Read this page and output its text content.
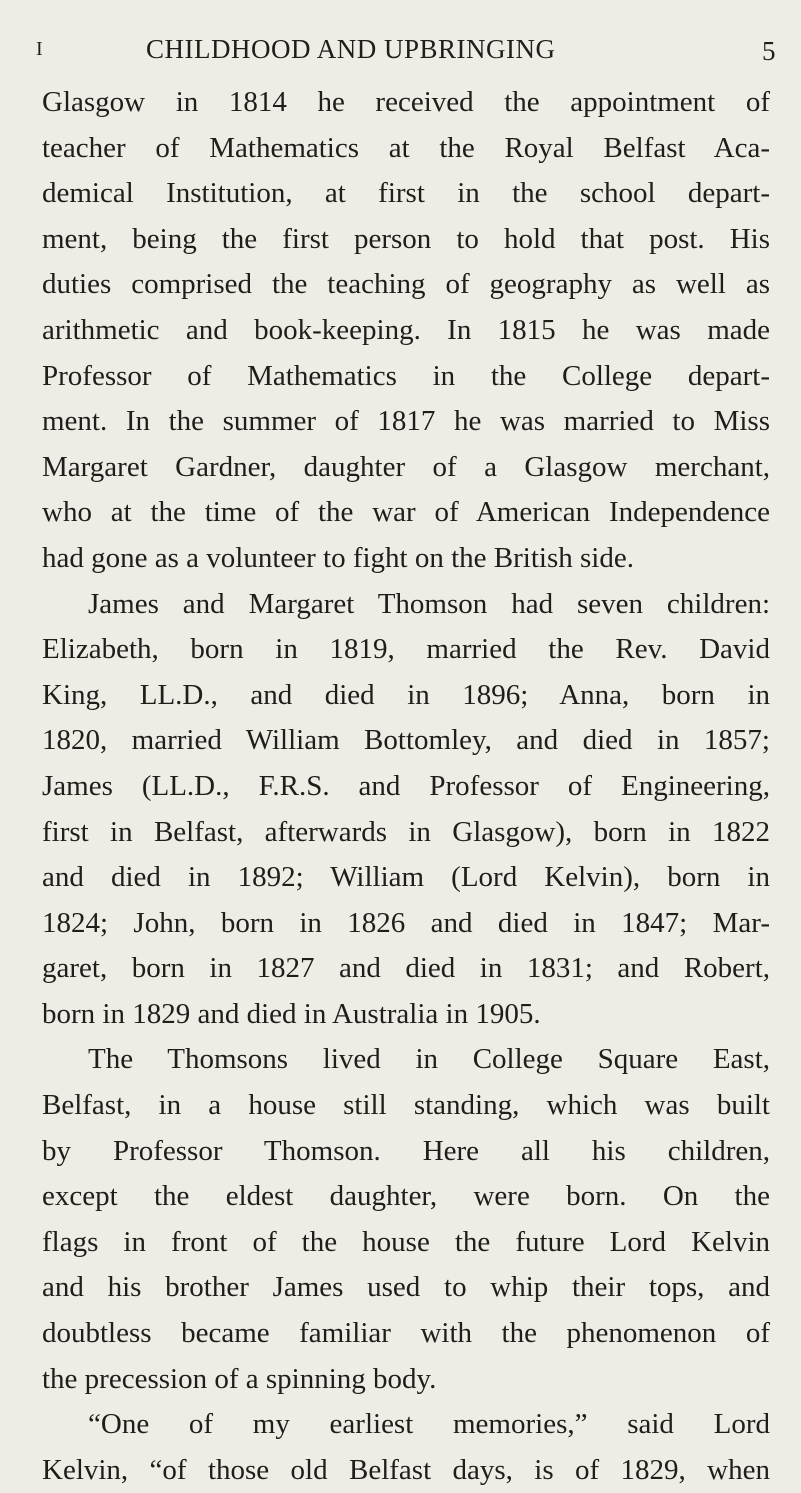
I	CHILDHOOD AND UPBRINGING	5
Glasgow in 1814 he received the appointment of
teacher of Mathematics at the Royal Belfast Aca-
demical Institution, at first in the school depart-
ment, being the first person to hold that post. His
duties comprised the teaching of geography as well as
arithmetic and book-keeping. In 1815 he was made
Professor of Mathematics in the College depart-
ment. In the summer of 1817 he was married to Miss
Margaret Gardner, daughter of a Glasgow merchant,
who at the time of the war of American Independence
had gone as a volunteer to fight on the British side.
James and Margaret Thomson had seven children:
Elizabeth, born in 1819, married the Rev. David
King, LL.D., and died in 1896; Anna, born in
1820, married William Bottomley, and died in 1857;
James (LL.D., F.R.S. and Professor of Engineering,
first in Belfast, afterwards in Glasgow), born in 1822
and died in 1892; William (Lord Kelvin), born in
1824; John, born in 1826 and died in 1847; Mar-
garet, born in 1827 and died in 1831; and Robert,
born in 1829 and died in Australia in 1905.
The Thomsons lived in College Square East,
Belfast, in a house still standing, which was built
by Professor Thomson. Here all his children,
except the eldest daughter, were born. On the
flags in front of the house the future Lord Kelvin
and his brother James used to whip their tops, and
doubtless became familiar with the phenomenon of
the precession of a spinning body.
“One of my earliest memories,” said Lord
Kelvin, “of those old Belfast days, is of 1829, when
